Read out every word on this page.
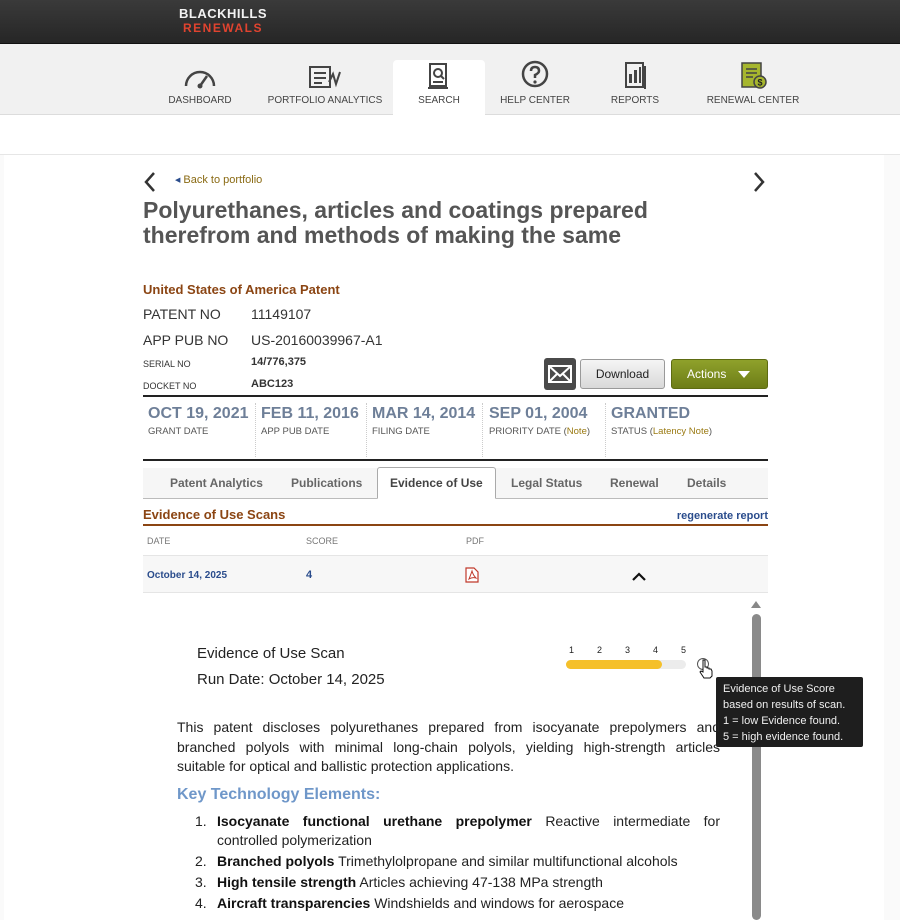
BLACKHILLS
RENEWALS
DASHBOARD	PORTFOLIO ANALYTICS	SEARCH	HELP CENTER	REPORTS
$
RENEWAL CENTER
◀ Back to portfolio
Polyurethanes, articles and coatings prepared therefrom and methods of making the same
United States of America Patent
PATENT NO 11149107
APP PUB NO US-20160039967-A1
SERIAL NO	14/776,375
DOCKET NO	ABC123
Download	Actions
OCT 19, 2021
GRANT DATE
FEB 11, 2016
APP PUB DATE
MAR 14, 2014
FILING DATE
SEP 01, 2004
PRIORITY DATE (Note)
GRANTED
STATUS (Latency Note)
Patent Analytics Publications	Evidence of Use	Legal Status Renewal Details
Evidence of Use Scans	regenerate report
DATE	SCORE	PDF
October 14, 2025	4
Evidence of Use Scan
Run Date: October 14, 2025
1	2	3	4	5
Evidence of Use Score
based on results of scan.
1 = low Evidence found.
5 = high evidence found.
This patent discloses polyurethanes prepared from isocyanate prepolymers and branched polyols with minimal long-chain polyols, yielding high-strength articles suitable for optical and ballistic protection applications.
Key Technology Elements:
1. Isocyanate functional urethane prepolymer Reactive intermediate for controlled polymerization
2. Branched polyols Trimethylolpropane and similar multifunctional alcohols
3. High tensile strength Articles achieving 47-138 MPa strength
4. Aircraft transparencies Windshields and windows for aerospace
